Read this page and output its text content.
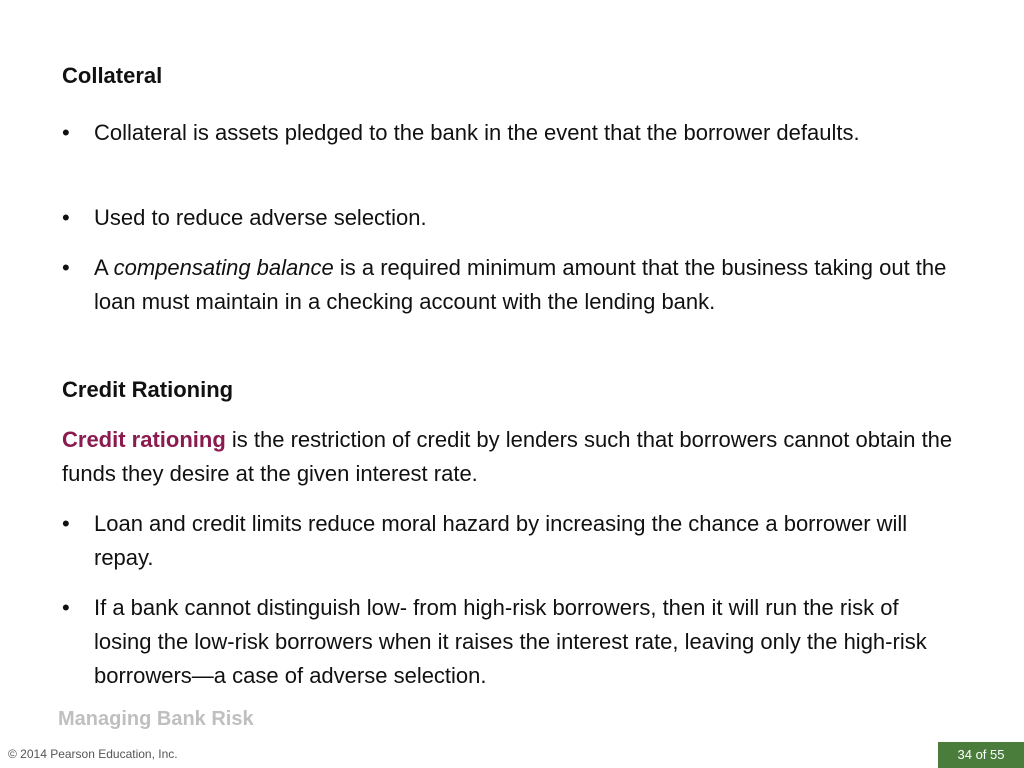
Collateral
•	Collateral is assets pledged to the bank in the event that the borrower defaults.
•	Used to reduce adverse selection.
•	A compensating balance is a required minimum amount that the business taking out the loan must maintain in a checking account with the lending bank.
Credit Rationing
Credit rationing is the restriction of credit by lenders such that borrowers cannot obtain the funds they desire at the given interest rate.
•	Loan and credit limits reduce moral hazard by increasing the chance a borrower will repay.
•	If a bank cannot distinguish low- from high-risk borrowers, then it will run the risk of losing the low-risk borrowers when it raises the interest rate, leaving only the high-risk borrowers—a case of adverse selection.
Managing Bank Risk
© 2014 Pearson Education, Inc.	34 of 55
